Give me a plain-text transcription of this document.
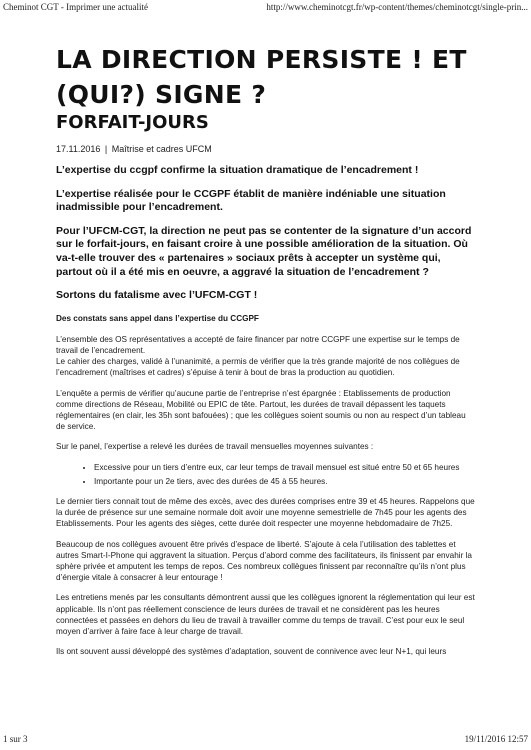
Cheminot CGT - Imprimer une actualité	http://www.cheminotcgt.fr/wp-content/themes/cheminotcgt/single-prin...
LA DIRECTION PERSISTE ! ET (QUI?) SIGNE ?
FORFAIT-JOURS

17.11.2016 | Maîtrise et cadres UFCM

L’expertise du ccgpf confirme la situation dramatique de l’encadrement !

L’expertise réalisée pour le CCGPF établit de manière indéniable une situation inadmissible pour l’encadrement.

Pour l’UFCM-CGT, la direction ne peut pas se contenter de la signature d’un accord sur le forfait-jours, en faisant croire à une possible amélioration de la situation. Où va-t-elle trouver des « partenaires » sociaux prêts à accepter un système qui, partout où il a été mis en oeuvre, a aggravé la situation de l’encadrement ?

Sortons du fatalisme avec l’UFCM-CGT !

Des constats sans appel dans l’expertise du CCGPF

L’ensemble des OS représentatives a accepté de faire financer par notre CCGPF une expertise sur le temps de travail de l’encadrement.
Le cahier des charges, validé à l’unanimité, a permis de vérifier que la très grande majorité de nos collègues de l’encadrement (maîtrises et cadres) s’épuise à tenir à bout de bras la production au quotidien.

L’enquête a permis de vérifier qu’aucune partie de l’entreprise n’est épargnée : Etablissements de production comme directions de Réseau, Mobilité ou EPIC de tête. Partout, les durées de travail dépassent les taquets réglementaires (en clair, les 35h sont bafouées) ; que les collègues soient soumis ou non au respect d’un tableau de service.

Sur le panel, l’expertise a relevé les durées de travail mensuelles moyennes suivantes :

• Excessive pour un tiers d’entre eux, car leur temps de travail mensuel est situé entre 50 et 65 heures
• Importante pour un 2e tiers, avec des durées de 45 à 55 heures.

Le dernier tiers connait tout de même des excès, avec des durées comprises entre 39 et 45 heures. Rappelons que la durée de présence sur une semaine normale doit avoir une moyenne semestrielle de 7h45 pour les agents des Etablissements. Pour les agents des sièges, cette durée doit respecter une moyenne hebdomadaire de 7h25.

Beaucoup de nos collègues avouent être privés d’espace de liberté. S’ajoute à cela l’utilisation des tablettes et autres Smart-I-Phone qui aggravent la situation. Perçus d’abord comme des facilitateurs, ils finissent par envahir la sphère privée et amputent les temps de repos. Ces nombreux collègues finissent par reconnaître qu’ils n’ont plus d’énergie vitale à consacrer à leur entourage !

Les entretiens menés par les consultants démontrent aussi que les collègues ignorent la réglementation qui leur est applicable. Ils n’ont pas réellement conscience de leurs durées de travail et ne considèrent pas les heures connectées et passées en dehors du lieu de travail à travailler comme du temps de travail. C’est pour eux le seul moyen d’arriver à faire face à leur charge de travail.

Ils ont souvent aussi développé des systèmes d’adaptation, souvent de connivence avec leur N+1, qui leurs

1 sur 3	19/11/2016 12:57
